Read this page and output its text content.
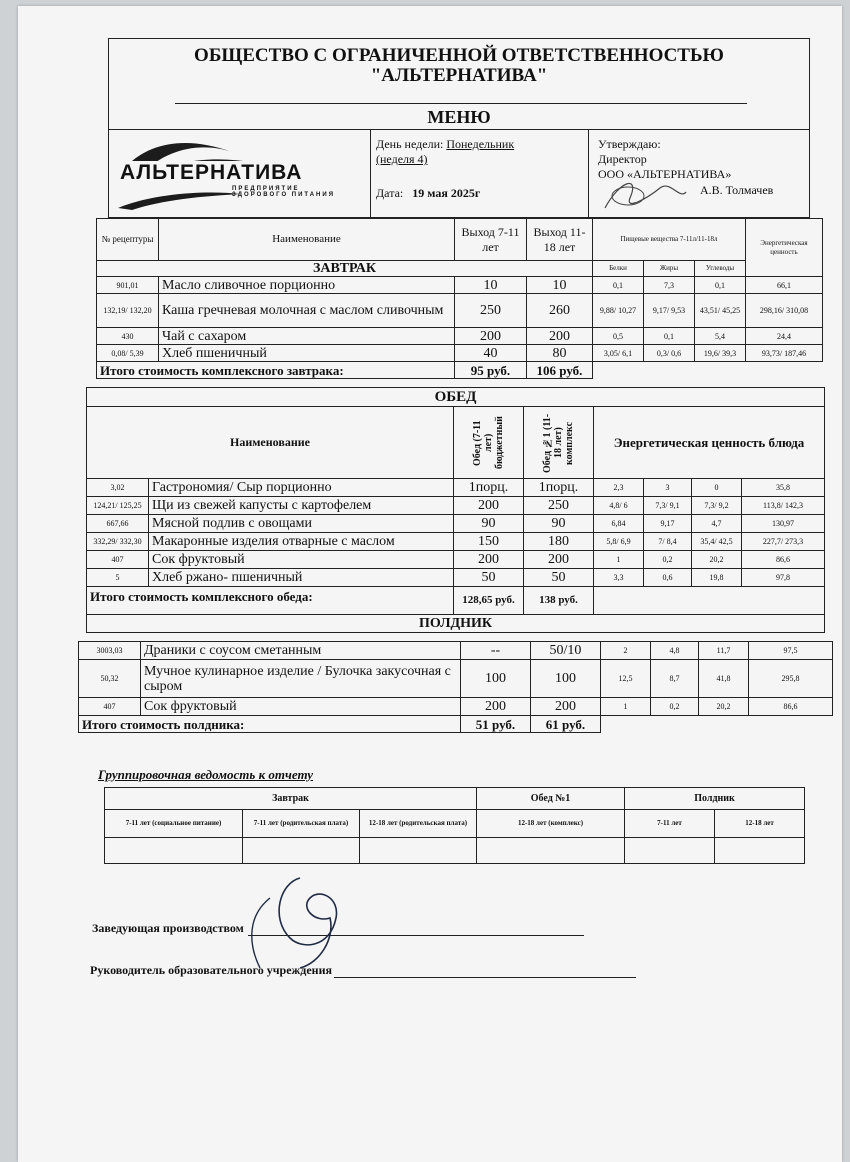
ОБЩЕСТВО С ОГРАНИЧЕННОЙ ОТВЕТСТВЕННОСТЬЮ
"АЛЬТЕРНАТИВА"
МЕНЮ
АЛЬТЕРНАТИВА
ПРЕДПРИЯТИЕ ЗДОРОВОГО ПИТАНИЯ
День недели: Понедельник
(неделя 4)
Дата: 19 мая 2025г
Утверждаю:
Директор
ООО «АЛЬТЕРНАТИВА»
А.В. Толмачев
№ рецептуры	Наименование	Выход 7-11 лет	Выход 11-18 лет	Пищевые вещества 7-11л/11-18л			Энергетическая ценность
ЗАВТРАК				Белки	Жиры	Углеводы	
901,01	Масло сливочное порционно	10	10	0,1	7,3	0,1	66,1
132,19/ 132,20	Каша гречневая молочная с маслом сливочным	250	260	9,88/ 10,27	9,17/ 9,53	43,51/ 45,25	298,16/ 310,08
430	Чай с сахаром	200	200	0,5	0,1	5,4	24,4
0,08/ 5,39	Хлеб пшеничный	40	80	3,05/ 6,1	0,3/ 0,6	19,6/ 39,3	93,73/ 187,46
Итого стоимость комплексного завтрака:		95 руб.	106 руб.				
ОБЕД							
Наименование		Обед (7-11 лет) бюджетный	Обед №1 (11-18 лет) комплекс	Энергетическая ценность блюда			
3,02	Гастрономия/ Сыр порционно	1порц.	1порц.	2,3	3	0	35,8
124,21/ 125,25	Щи из свежей капусты с картофелем	200	250	4,8/ 6	7,3/ 9,1	7,3/ 9,2	113,8/ 142,3
667,66	Мясной подлив с овощами	90	90	6,84	9,17	4,7	130,97
332,29/ 332,30	Макаронные изделия отварные с маслом	150	180	5,8/ 6,9	7/ 8,4	35,4/ 42,5	227,7/ 273,3
407	Сок фруктовый	200	200	1	0,2	20,2	86,6
5	Хлеб ржано- пшеничный	50	50	3,3	0,6	19,8	97,8
Итого стоимость комплексного обеда:		128,65 руб.	138 руб.				
ПОЛДНИК							
3003,03	Драники с соусом сметанным	--	50/10	2	4,8	11,7	97,5
50,32	Мучное кулинарное изделие / Булочка закусочная с сыром	100	100	12,5	8,7	41,8	295,8
407	Сок фруктовый	200	200	1	0,2	20,2	86,6
Итого стоимость полдника:		51 руб.	61 руб.				
Группировочная ведомость к отчету
Завтрак			Обед №1	Полдник	
7-11 лет (социальное питание)	7-11 лет (родительская плата)	12-18 лет (родительская плата)	12-18 лет (комплекс)	7-11 лет	12-18 лет

Заведующая производством
Руководитель образовательного учреждения
